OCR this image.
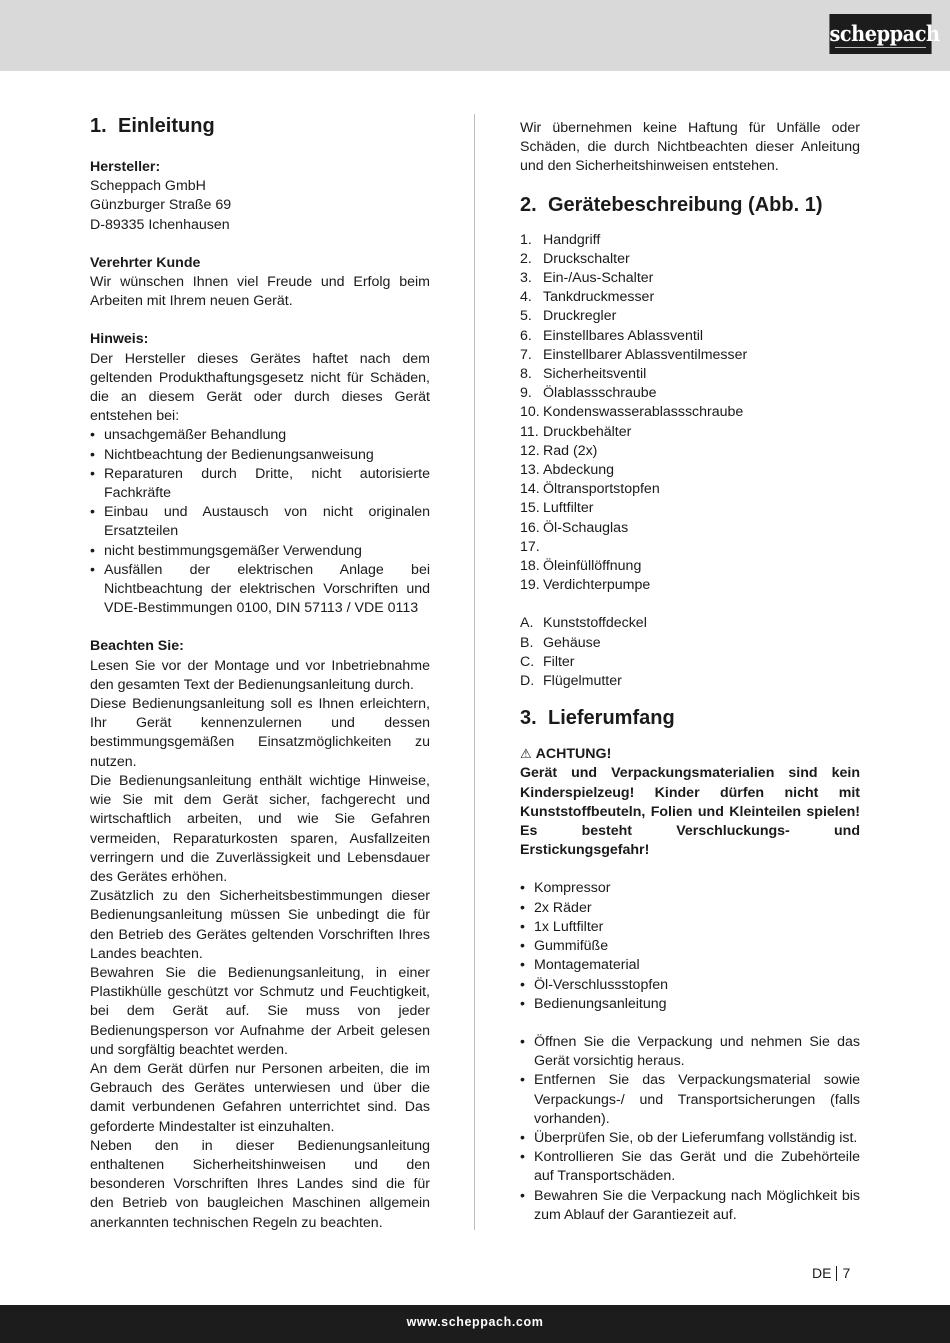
scheppach
1. Einleitung

Hersteller:

Scheppach GmbH

Günzburger Straße 69

D-89335 Ichenhausen

Verehrter Kunde

Wir wünschen Ihnen viel Freude und Erfolg beim Arbeiten mit Ihrem neuen Gerät.

Hinweis:

Der Hersteller dieses Gerätes haftet nach dem geltenden Produkthaftungsgesetz nicht für Schäden, die an diesem Gerät oder durch dieses Gerät entstehen bei:

• unsachgemäßer Behandlung
• Nichtbeachtung der Bedienungsanweisung
• Reparaturen durch Dritte, nicht autorisierte Fachkräfte
• Einbau und Austausch von nicht originalen Ersatzteilen
• nicht bestimmungsgemäßer Verwendung
• Ausfällen der elektrischen Anlage bei Nichtbeachtung der elektrischen Vorschriften und VDE-Bestimmungen 0100, DIN 57113 / VDE 0113

Beachten Sie:

Lesen Sie vor der Montage und vor Inbetriebnahme den gesamten Text der Bedienungsanleitung durch.

Diese Bedienungsanleitung soll es Ihnen erleichtern, Ihr Gerät kennenzulernen und dessen bestimmungsgemäßen Einsatzmöglichkeiten zu nutzen.

Die Bedienungsanleitung enthält wichtige Hinweise, wie Sie mit dem Gerät sicher, fachgerecht und wirtschaftlich arbeiten, und wie Sie Gefahren vermeiden, Reparaturkosten sparen, Ausfallzeiten verringern und die Zuverlässigkeit und Lebensdauer des Gerätes erhöhen.

Zusätzlich zu den Sicherheitsbestimmungen dieser Bedienungsanleitung müssen Sie unbedingt die für den Betrieb des Gerätes geltenden Vorschriften Ihres Landes beachten.

Bewahren Sie die Bedienungsanleitung, in einer Plastikhülle geschützt vor Schmutz und Feuchtigkeit, bei dem Gerät auf. Sie muss von jeder Bedienungsperson vor Aufnahme der Arbeit gelesen und sorgfältig beachtet werden.

An dem Gerät dürfen nur Personen arbeiten, die im Gebrauch des Gerätes unterwiesen und über die damit verbundenen Gefahren unterrichtet sind. Das geforderte Mindestalter ist einzuhalten.

Neben den in dieser Bedienungsanleitung enthaltenen Sicherheitshinweisen und den besonderen Vorschriften Ihres Landes sind die für den Betrieb von baugleichen Maschinen allgemein anerkannten technischen Regeln zu beachten.

Wir übernehmen keine Haftung für Unfälle oder Schäden, die durch Nichtbeachten dieser Anleitung und den Sicherheitshinweisen entstehen.

2. Gerätebeschreibung (Abb. 1)
1. Handgriff
2. Druckschalter
3. Ein-/Aus-Schalter
4. Tankdruckmesser
5. Druckregler
6. Einstellbares Ablassventil
7. Einstellbarer Ablassventilmesser
8. Sicherheitsventil
9. Ölablassschraube
10. Kondenswasserablassschraube
11. Druckbehälter
12. Rad (2x)
13. Abdeckung
14. Öltransportstopfen
15. Luftfilter
16. Öl-Schauglas
17.
18. Öleinfüllöffnung
19. Verdichterpumpe
A. Kunststoffdeckel
B. Gehäuse
C. Filter
D. Flügelmutter
3. Lieferumfang

⚠ ACHTUNG!

Gerät und Verpackungsmaterialien sind kein Kinderspielzeug! Kinder dürfen nicht mit Kunststoffbeuteln, Folien und Kleinteilen spielen! Es besteht Verschluckungs- und Erstickungsgefahr!

• Kompressor
• 2x Räder
• 1x Luftfilter
• Gummifüße
• Montagematerial
• Öl-Verschlussstopfen
• Bedienungsanleitung
• Öffnen Sie die Verpackung und nehmen Sie das Gerät vorsichtig heraus.
• Entfernen Sie das Verpackungsmaterial sowie Verpackungs-/ und Transportsicherungen (falls vorhanden).
• Überprüfen Sie, ob der Lieferumfang vollständig ist.
• Kontrollieren Sie das Gerät und die Zubehörteile auf Transportschäden.
• Bewahren Sie die Verpackung nach Möglichkeit bis zum Ablauf der Garantiezeit auf.
DE 7
www.scheppach.com
